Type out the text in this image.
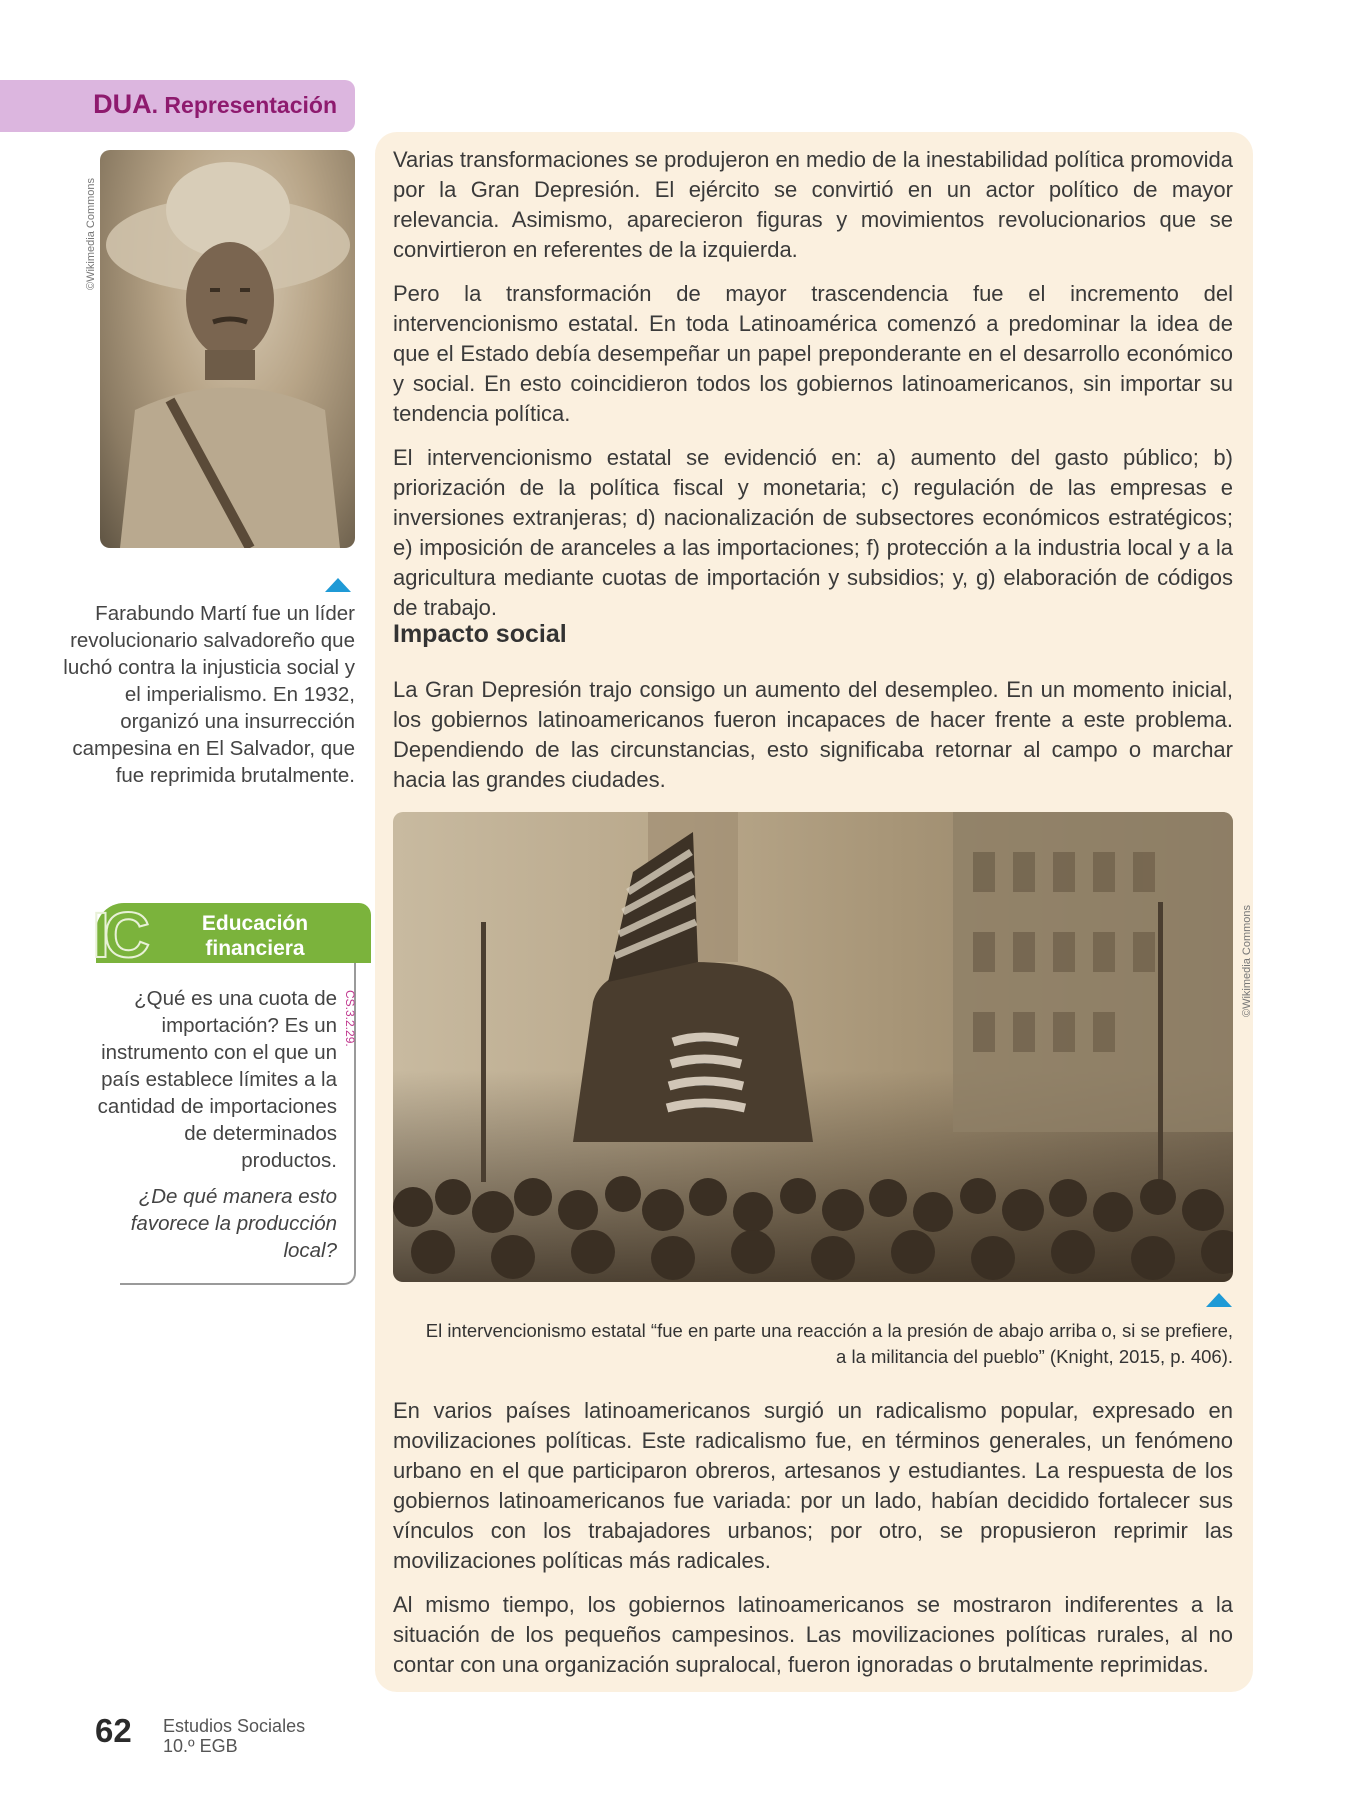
DUA. Representación
©Wikimedia Commons
Farabundo Martí fue un líder revolucionario salvadoreño que luchó contra la injusticia social y el imperialismo. En 1932, organizó una insurrección campesina en El Salvador, que fue reprimida brutalmente.
IC	Educación
financiera
¿Qué es una cuota de importación? Es un instrumento con el que un país establece límites a la cantidad de importaciones de determinados productos.
¿De qué manera esto favorece la producción local?
CS.3.2.29.

Varias transformaciones se produjeron en medio de la inestabilidad política promovida por la Gran Depresión. El ejército se convirtió en un actor político de mayor relevancia. Asimismo, aparecieron figuras y movimientos revolucionarios que se convirtieron en referentes de la izquierda.

Pero la transformación de mayor trascendencia fue el incremento del intervencionismo estatal. En toda Latinoamérica comenzó a predominar la idea de que el Estado debía desempeñar un papel preponderante en el desarrollo económico y social. En esto coincidieron todos los gobiernos latinoamericanos, sin importar su tendencia política.

El intervencionismo estatal se evidenció en: a) aumento del gasto público; b) priorización de la política fiscal y monetaria; c) regulación de las empresas e inversiones extranjeras; d) nacionalización de subsectores económicos estratégicos; e) imposición de aranceles a las importaciones; f) protección a la industria local y a la agricultura mediante cuotas de importación y subsidios; y, g) elaboración de códigos de trabajo.

Impacto social

La Gran Depresión trajo consigo un aumento del desempleo. En un momento inicial, los gobiernos latinoamericanos fueron incapaces de hacer frente a este problema. Dependiendo de las circunstancias, esto significaba retornar al campo o marchar hacia las grandes ciudades.

©Wikimedia Commons
El intervencionismo estatal “fue en parte una reacción a la presión de abajo arriba o, si se prefiere,
a la militancia del pueblo” (Knight, 2015, p. 406).

En varios países latinoamericanos surgió un radicalismo popular, expresado en movilizaciones políticas. Este radicalismo fue, en términos generales, un fenómeno urbano en el que participaron obreros, artesanos y estudiantes. La respuesta de los gobiernos latinoamericanos fue variada: por un lado, habían decidido fortalecer sus vínculos con los trabajadores urbanos; por otro, se propusieron reprimir las movilizaciones políticas más radicales.

Al mismo tiempo, los gobiernos latinoamericanos se mostraron indiferentes a la situación de los pequeños campesinos. Las movilizaciones políticas rurales, al no contar con una organización supralocal, fueron ignoradas o brutalmente reprimidas.

62 Estudios Sociales
10.º EGB
